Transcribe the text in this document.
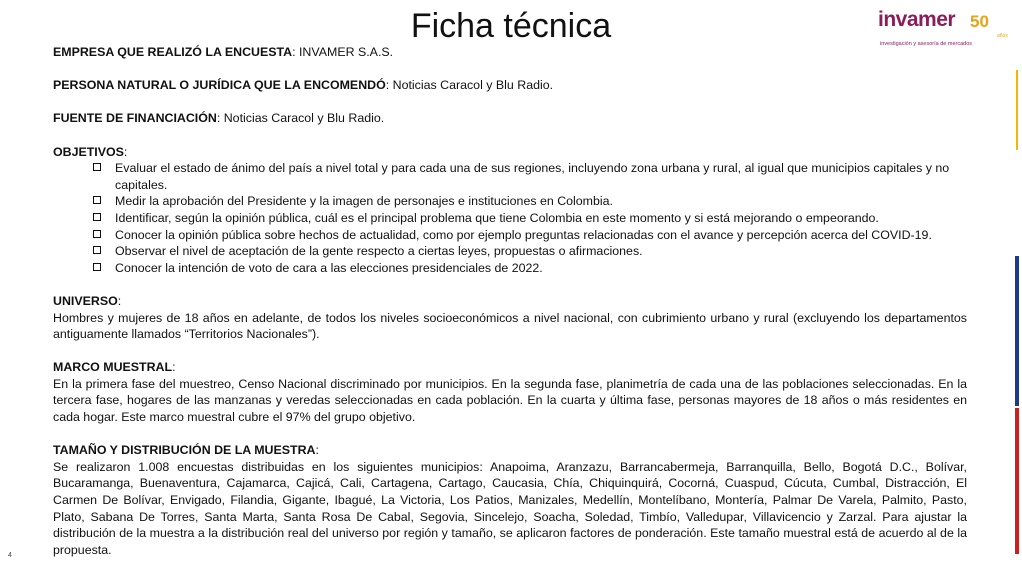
Ficha técnica	invamer 50
años
investigación y asesoría de mercados

EMPRESA QUE REALIZÓ LA ENCUESTA: INVAMER S.A.S.

PERSONA NATURAL O JURÍDICA QUE LA ENCOMENDÓ: Noticias Caracol y Blu Radio.

FUENTE DE FINANCIACIÓN: Noticias Caracol y Blu Radio.

OBJETIVOS:

Evaluar el estado de ánimo del país a nivel total y para cada una de sus regiones, incluyendo zona urbana y rural, al igual que municipios capitales y no capitales.
Medir la aprobación del Presidente y la imagen de personajes e instituciones en Colombia.
Identificar, según la opinión pública, cuál es el principal problema que tiene Colombia en este momento y si está mejorando o empeorando.
Conocer la opinión pública sobre hechos de actualidad, como por ejemplo preguntas relacionadas con el avance y percepción acerca del COVID-19.
Observar el nivel de aceptación de la gente respecto a ciertas leyes, propuestas o afirmaciones.
Conocer la intención de voto de cara a las elecciones presidenciales de 2022.

UNIVERSO:

Hombres y mujeres de 18 años en adelante, de todos los niveles socioeconómicos a nivel nacional, con cubrimiento urbano y rural (excluyendo los departamentos antiguamente llamados “Territorios Nacionales”).

MARCO MUESTRAL:

En la primera fase del muestreo, Censo Nacional discriminado por municipios. En la segunda fase, planimetría de cada una de las poblaciones seleccionadas. En la tercera fase, hogares de las manzanas y veredas seleccionadas en cada población. En la cuarta y última fase, personas mayores de 18 años o más residentes en cada hogar. Este marco muestral cubre el 97% del grupo objetivo.

TAMAÑO Y DISTRIBUCIÓN DE LA MUESTRA:

Se realizaron 1.008 encuestas distribuidas en los siguientes municipios: Anapoima, Aranzazu, Barrancabermeja, Barranquilla, Bello, Bogotá D.C., Bolívar, Bucaramanga, Buenaventura, Cajamarca, Cajicá, Cali, Cartagena, Cartago, Caucasia, Chía, Chiquinquirá, Cocorná, Cuaspud, Cúcuta, Cumbal, Distracción, El Carmen De Bolívar, Envigado, Filandia, Gigante, Ibagué, La Victoria, Los Patios, Manizales, Medellín, Montelíbano, Montería, Palmar De Varela, Palmito, Pasto, Plato, Sabana De Torres, Santa Marta, Santa Rosa De Cabal, Segovia, Sincelejo, Soacha, Soledad, Timbío, Valledupar, Villavicencio y Zarzal. Para ajustar la distribución de la muestra a la distribución real del universo por región y tamaño, se aplicaron factores de ponderación. Este tamaño muestral está de acuerdo al de la propuesta.

4
